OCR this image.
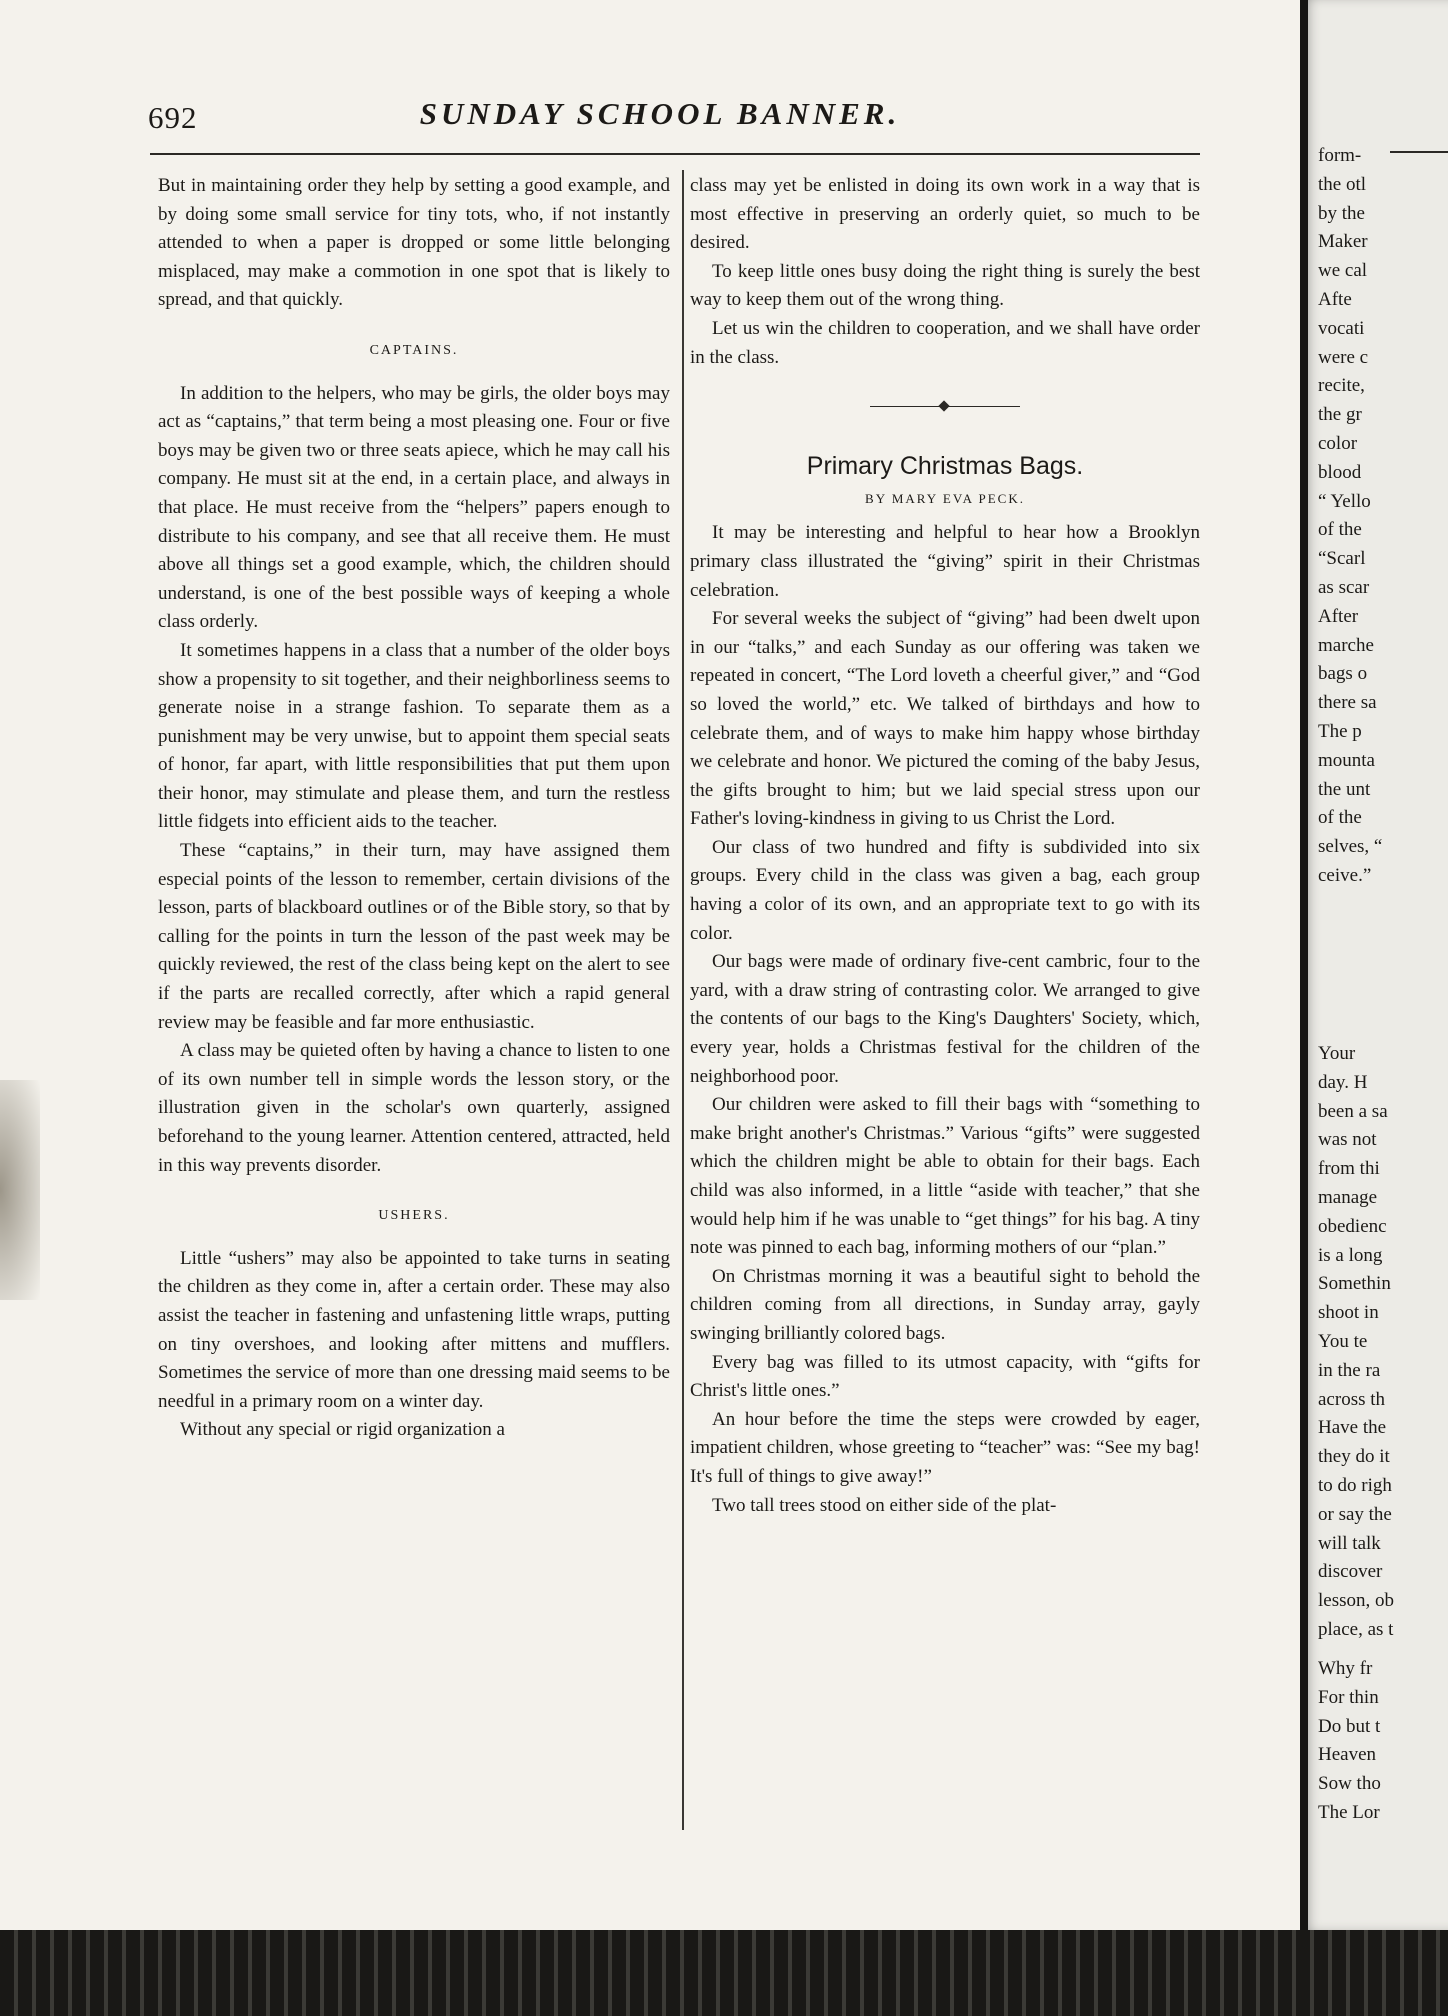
692	SUNDAY SCHOOL BANNER.

But in maintaining order they help by setting a good example, and by doing some small service for tiny tots, who, if not instantly attended to when a paper is dropped or some little belonging misplaced, may make a commotion in one spot that is likely to spread, and that quickly.

CAPTAINS.

In addition to the helpers, who may be girls, the older boys may act as “captains,” that term being a most pleasing one. Four or five boys may be given two or three seats apiece, which he may call his company. He must sit at the end, in a certain place, and always in that place. He must receive from the “helpers” papers enough to distribute to his company, and see that all receive them. He must above all things set a good example, which, the children should understand, is one of the best possible ways of keeping a whole class orderly.

It sometimes happens in a class that a number of the older boys show a propensity to sit together, and their neighborliness seems to generate noise in a strange fashion. To separate them as a punishment may be very unwise, but to appoint them special seats of honor, far apart, with little responsibilities that put them upon their honor, may stimulate and please them, and turn the restless little fidgets into efficient aids to the teacher.

These “captains,” in their turn, may have assigned them especial points of the lesson to remember, certain divisions of the lesson, parts of blackboard outlines or of the Bible story, so that by calling for the points in turn the lesson of the past week may be quickly reviewed, the rest of the class being kept on the alert to see if the parts are recalled correctly, after which a rapid general review may be feasible and far more enthusiastic.

A class may be quieted often by having a chance to listen to one of its own number tell in simple words the lesson story, or the illustration given in the scholar's own quarterly, assigned beforehand to the young learner. Attention centered, attracted, held in this way prevents disorder.

USHERS.

Little “ushers” may also be appointed to take turns in seating the children as they come in, after a certain order. These may also assist the teacher in fastening and unfastening little wraps, putting on tiny overshoes, and looking after mittens and mufflers. Sometimes the service of more than one dressing maid seems to be needful in a primary room on a winter day.

Without any special or rigid organization a

class may yet be enlisted in doing its own work in a way that is most effective in preserving an orderly quiet, so much to be desired.

To keep little ones busy doing the right thing is surely the best way to keep them out of the wrong thing.

Let us win the children to cooperation, and we shall have order in the class.

Primary Christmas Bags.
BY MARY EVA PECK.

It may be interesting and helpful to hear how a Brooklyn primary class illustrated the “giving” spirit in their Christmas celebration.

For several weeks the subject of “giving” had been dwelt upon in our “talks,” and each Sunday as our offering was taken we repeated in concert, “The Lord loveth a cheerful giver,” and “God so loved the world,” etc. We talked of birthdays and how to celebrate them, and of ways to make him happy whose birthday we celebrate and honor. We pictured the coming of the baby Jesus, the gifts brought to him; but we laid special stress upon our Father's loving-kindness in giving to us Christ the Lord.

Our class of two hundred and fifty is subdivided into six groups. Every child in the class was given a bag, each group having a color of its own, and an appropriate text to go with its color.

Our bags were made of ordinary five-cent cambric, four to the yard, with a draw string of contrasting color. We arranged to give the contents of our bags to the King's Daughters' Society, which, every year, holds a Christmas festival for the children of the neighborhood poor.

Our children were asked to fill their bags with “something to make bright another's Christmas.” Various “gifts” were suggested which the children might be able to obtain for their bags. Each child was also informed, in a little “aside with teacher,” that she would help him if he was unable to “get things” for his bag. A tiny note was pinned to each bag, informing mothers of our “plan.”

On Christmas morning it was a beautiful sight to behold the children coming from all directions, in Sunday array, gayly swinging brilliantly colored bags.

Every bag was filled to its utmost capacity, with “gifts for Christ's little ones.”

An hour before the time the steps were crowded by eager, impatient children, whose greeting to “teacher” was: “See my bag! It's full of things to give away!”

Two tall trees stood on either side of the plat-

form-
the otl
by the
Maker
we cal
Afte
vocati
were c
recite,
the gr
color
blood
“ Yello
of the
“Scarl
as scar
After
marche
bags o
there sa
The p
mounta
the unt
of the
selves, “
ceive.”
Your
day. H
been a sa
was not
from thi
manage
obedienc
is a long
Somethin
shoot in
You te
in the ra
across th
Have the
they do it
to do righ
or say the
will talk
discover
lesson, ob
place, as t
Why fr
For thin
Do but t
Heaven
Sow tho
The Lor
